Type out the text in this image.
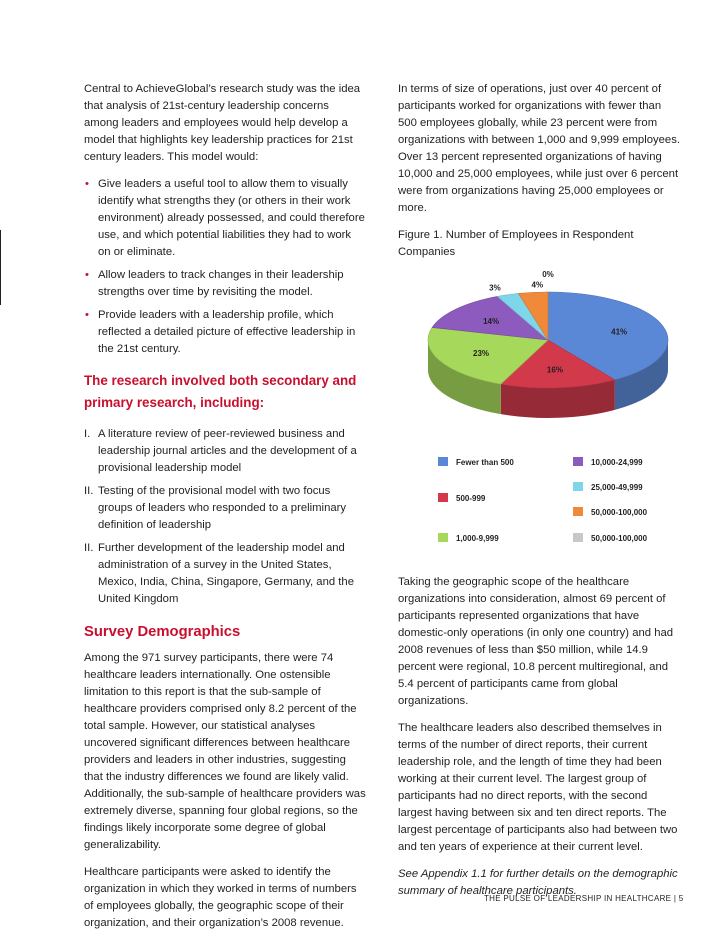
Central to AchieveGlobal’s research study was the idea that analysis of 21st-century leadership concerns among leaders and employees would help develop a model that highlights key leadership practices for 21st century leaders. This model would:

• Give leaders a useful tool to allow them to visually identify what strengths they (or others in their work environment) already possessed, and could therefore use, and which potential liabilities they had to work on or eliminate.
• Allow leaders to track changes in their leadership strengths over time by revisiting the model.
• Provide leaders with a leadership profile, which reflected a detailed picture of effective leadership in the 21st century.
The research involved both secondary and primary research, including:
I. A literature review of peer-reviewed business and leadership journal articles and the development of a provisional leadership model
II. Testing of the provisional model with two focus groups of leaders who responded to a preliminary definition of leadership
II. Further development of the leadership model and administration of a survey in the United States, Mexico, India, China, Singapore, Germany, and the United Kingdom
Survey Demographics

Among the 971 survey participants, there were 74 healthcare leaders internationally. One ostensible limitation to this report is that the sub-sample of healthcare providers comprised only 8.2 percent of the total sample. However, our statistical analyses uncovered significant differences between healthcare providers and leaders in other industries, suggesting that the industry differences we found are likely valid. Additionally, the sub-sample of healthcare providers was extremely diverse, spanning four global regions, so the findings likely incorporate some degree of global generalizability.

Healthcare participants were asked to identify the organization in which they worked in terms of numbers of employees globally, the geographic scope of their organization, and their organization’s 2008 revenue.

In terms of size of operations, just over 40 percent of participants worked for organizations with fewer than 500 employees globally, while 23 percent were from organizations with between 1,000 and 9,999 employees. Over 13 percent represented organizations of having 10,000 and 25,000 employees, while just over 6 percent were from organizations having 25,000 employees or more.

Figure 1. Number of Employees in Respondent Companies

41%
16%
23%
14%
3%	4%
0%
Fewer than 500	10,000-24,999
25,000-49,999
500-999
50,000-100,000
1,000-9,999	50,000-100,000

Taking the geographic scope of the healthcare organizations into consideration, almost 69 percent of participants represented organizations that have domestic-only operations (in only one country) and had 2008 revenues of less than $50 million, while 14.9 percent were regional, 10.8 percent multiregional, and 5.4 percent of participants came from global organizations.

The healthcare leaders also described themselves in terms of the number of direct reports, their current leadership role, and the length of time they had been working at their current level. The largest group of participants had no direct reports, with the second largest having between six and ten direct reports. The largest percentage of participants also had between two and ten years of experience at their current level.

See Appendix 1.1 for further details on the demographic summary of healthcare participants.

THE PULSE OF LEADERSHIP IN HEALTHCARE | 5
